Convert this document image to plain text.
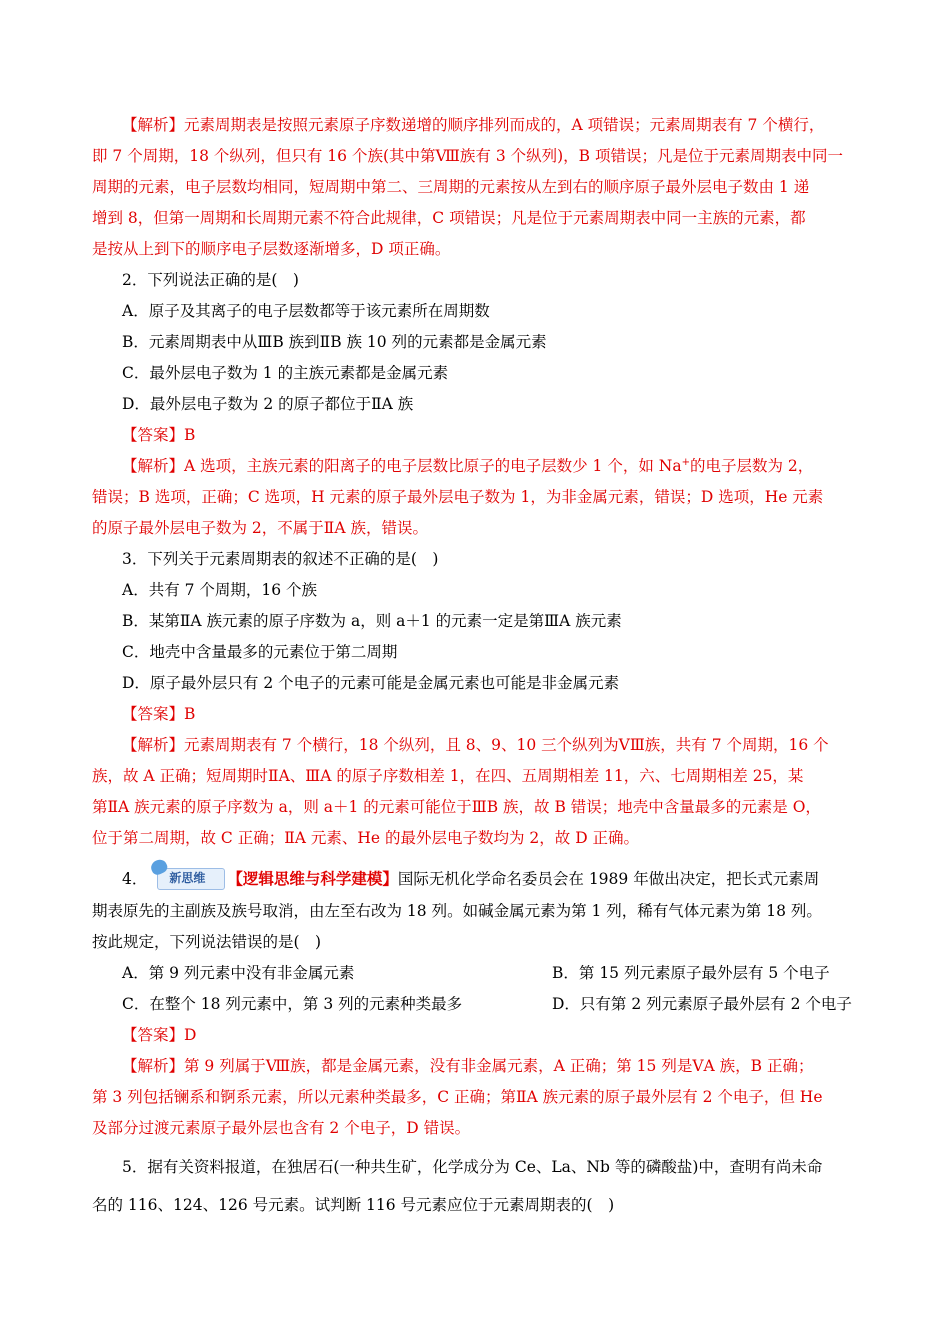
【解析】元素周期表是按照元素原子序数递增的顺序排列而成的，A 项错误；元素周期表有 7 个横行，
即 7 个周期，18 个纵列，但只有 16 个族(其中第Ⅷ族有 3 个纵列)，B 项错误；凡是位于元素周期表中同一
周期的元素，电子层数均相同，短周期中第二、三周期的元素按从左到右的顺序原子最外层电子数由 1 递
增到 8，但第一周期和长周期元素不符合此规律，C 项错误；凡是位于元素周期表中同一主族的元素，都
是按从上到下的顺序电子层数逐渐增多，D 项正确。
2．下列说法正确的是(　)
A．原子及其离子的电子层数都等于该元素所在周期数
B．元素周期表中从ⅢB 族到ⅡB 族 10 列的元素都是金属元素
C．最外层电子数为 1 的主族元素都是金属元素
D．最外层电子数为 2 的原子都位于ⅡA 族
【答案】B
【解析】A 选项，主族元素的阳离子的电子层数比原子的电子层数少 1 个，如 Na+的电子层数为 2，
错误；B 选项，正确；C 选项，H 元素的原子最外层电子数为 1，为非金属元素，错误；D 选项，He 元素
的原子最外层电子数为 2，不属于ⅡA 族，错误。
3．下列关于元素周期表的叙述不正确的是(　)
A．共有 7 个周期，16 个族
B．某第ⅡA 族元素的原子序数为 a，则 a＋1 的元素一定是第ⅢA 族元素
C．地壳中含量最多的元素位于第二周期
D．原子最外层只有 2 个电子的元素可能是金属元素也可能是非金属元素
【答案】B
【解析】元素周期表有 7 个横行，18 个纵列，且 8、9、10 三个纵列为ⅤⅢ族，共有 7 个周期，16 个
族，故 A 正确；短周期时ⅡA、ⅢA 的原子序数相差 1，在四、五周期相差 11，六、七周期相差 25，某
第ⅡA 族元素的原子序数为 a，则 a＋1 的元素可能位于ⅢB 族，故 B 错误；地壳中含量最多的元素是 O，
位于第二周期，故 C 正确；ⅡA 元素、He 的最外层电子数均为 2，故 D 正确。
4． 新思维 【逻辑思维与科学建模】国际无机化学命名委员会在 1989 年做出决定，把长式元素周
期表原先的主副族及族号取消，由左至右改为 18 列。如碱金属元素为第 1 列，稀有气体元素为第 18 列。
按此规定，下列说法错误的是(　)
A．第 9 列元素中没有非金属元素	B．第 15 列元素原子最外层有 5 个电子
C．在整个 18 列元素中，第 3 列的元素种类最多	D．只有第 2 列元素原子最外层有 2 个电子
【答案】D
【解析】第 9 列属于Ⅷ族，都是金属元素，没有非金属元素，A 正确；第 15 列是ⅤA 族，B 正确；
第 3 列包括镧系和锕系元素，所以元素种类最多，C 正确；第ⅡA 族元素的原子最外层有 2 个电子，但 He
及部分过渡元素原子最外层也含有 2 个电子，D 错误。
5．据有关资料报道，在独居石(一种共生矿，化学成分为 Ce、La、Nb 等的磷酸盐)中，查明有尚未命
名的 116、124、126 号元素。试判断 116 号元素应位于元素周期表的(　)
